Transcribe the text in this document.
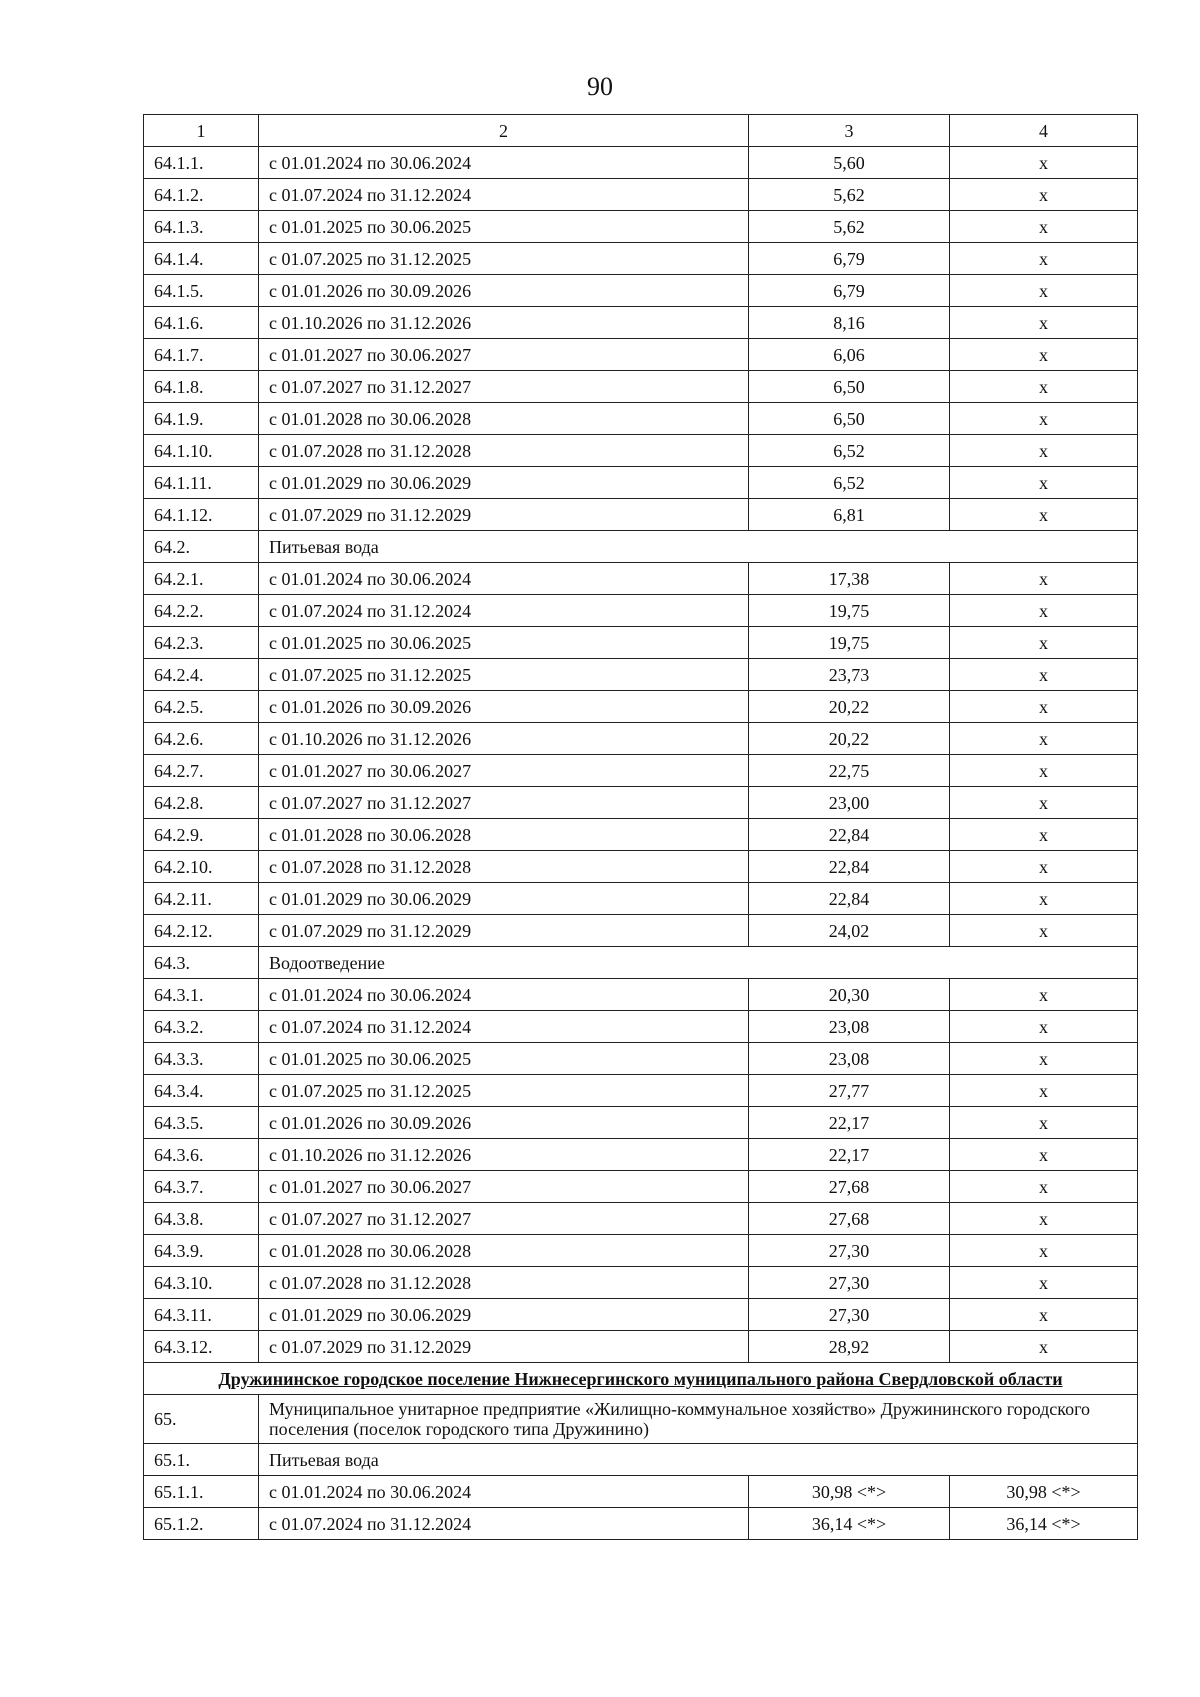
90
1	2	3	4
64.1.1.	с 01.01.2024 по 30.06.2024	5,60	х
64.1.2.	с 01.07.2024 по 31.12.2024	5,62	х
64.1.3.	с 01.01.2025 по 30.06.2025	5,62	х
64.1.4.	с 01.07.2025 по 31.12.2025	6,79	х
64.1.5.	с 01.01.2026 по 30.09.2026	6,79	х
64.1.6.	с 01.10.2026 по 31.12.2026	8,16	х
64.1.7.	с 01.01.2027 по 30.06.2027	6,06	х
64.1.8.	с 01.07.2027 по 31.12.2027	6,50	х
64.1.9.	с 01.01.2028 по 30.06.2028	6,50	х
64.1.10.	с 01.07.2028 по 31.12.2028	6,52	х
64.1.11.	с 01.01.2029 по 30.06.2029	6,52	х
64.1.12.	с 01.07.2029 по 31.12.2029	6,81	х
64.2.	Питьевая вода		
64.2.1.	с 01.01.2024 по 30.06.2024	17,38	х
64.2.2.	с 01.07.2024 по 31.12.2024	19,75	х
64.2.3.	с 01.01.2025 по 30.06.2025	19,75	х
64.2.4.	с 01.07.2025 по 31.12.2025	23,73	х
64.2.5.	с 01.01.2026 по 30.09.2026	20,22	х
64.2.6.	с 01.10.2026 по 31.12.2026	20,22	х
64.2.7.	с 01.01.2027 по 30.06.2027	22,75	х
64.2.8.	с 01.07.2027 по 31.12.2027	23,00	х
64.2.9.	с 01.01.2028 по 30.06.2028	22,84	х
64.2.10.	с 01.07.2028 по 31.12.2028	22,84	х
64.2.11.	с 01.01.2029 по 30.06.2029	22,84	х
64.2.12.	с 01.07.2029 по 31.12.2029	24,02	х
64.3.	Водоотведение		
64.3.1.	с 01.01.2024 по 30.06.2024	20,30	х
64.3.2.	с 01.07.2024 по 31.12.2024	23,08	х
64.3.3.	с 01.01.2025 по 30.06.2025	23,08	х
64.3.4.	с 01.07.2025 по 31.12.2025	27,77	х
64.3.5.	с 01.01.2026 по 30.09.2026	22,17	х
64.3.6.	с 01.10.2026 по 31.12.2026	22,17	х
64.3.7.	с 01.01.2027 по 30.06.2027	27,68	х
64.3.8.	с 01.07.2027 по 31.12.2027	27,68	х
64.3.9.	с 01.01.2028 по 30.06.2028	27,30	х
64.3.10.	с 01.07.2028 по 31.12.2028	27,30	х
64.3.11.	с 01.01.2029 по 30.06.2029	27,30	х
64.3.12.	с 01.07.2029 по 31.12.2029	28,92	х
Дружининское городское поселение Нижнесергинского муниципального района Свердловской области			
65.	Муниципальное унитарное предприятие «Жилищно-коммунальное хозяйство» Дружининского городского поселения (поселок городского типа Дружинино)		
65.1.	Питьевая вода		
65.1.1.	с 01.01.2024 по 30.06.2024	30,98 <*>	30,98 <*>
65.1.2.	с 01.07.2024 по 31.12.2024	36,14 <*>	36,14 <*>
